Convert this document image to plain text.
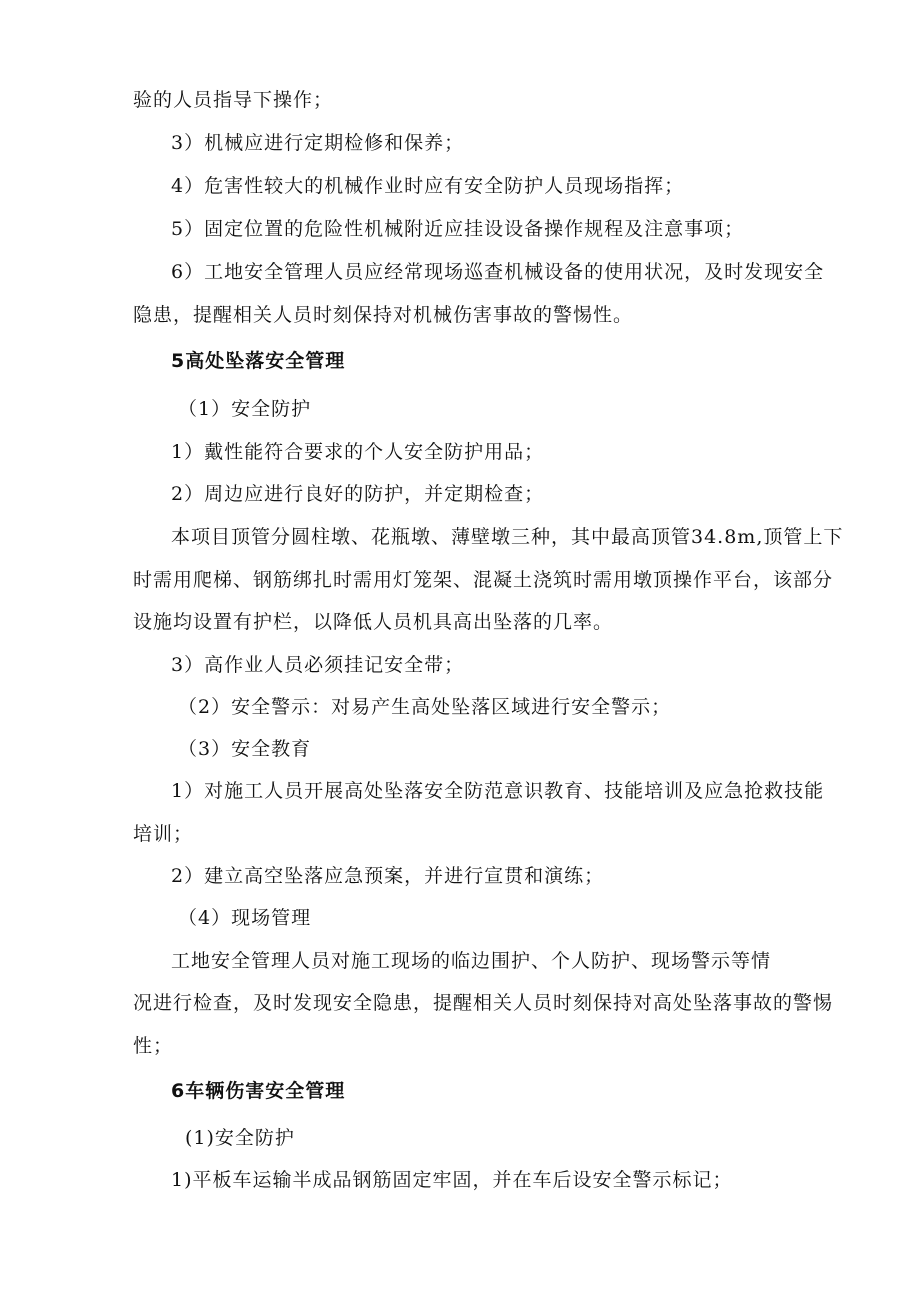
验的人员指导下操作；
3）机械应进行定期检修和保养；
4）危害性较大的机械作业时应有安全防护人员现场指挥；
5）固定位置的危险性机械附近应挂设设备操作规程及注意事项；
6）工地安全管理人员应经常现场巡查机械设备的使用状况，及时发现安全
隐患，提醒相关人员时刻保持对机械伤害事故的警惕性。
5高处坠落安全管理
（1）安全防护
1）戴性能符合要求的个人安全防护用品；
2）周边应进行良好的防护，并定期检查；
本项目顶管分圆柱墩、花瓶墩、薄壁墩三种，其中最高顶管34.8m,顶管上下
时需用爬梯、钢筋绑扎时需用灯笼架、混凝土浇筑时需用墩顶操作平台，该部分
设施均设置有护栏，以降低人员机具高出坠落的几率。
3）高作业人员必须挂记安全带；
（2）安全警示：对易产生高处坠落区域进行安全警示；
（3）安全教育
1）对施工人员开展高处坠落安全防范意识教育、技能培训及应急抢救技能
培训；
2）建立高空坠落应急预案，并进行宣贯和演练；
（4）现场管理
工地安全管理人员对施工现场的临边围护、个人防护、现场警示等情
况进行检查，及时发现安全隐患，提醒相关人员时刻保持对高处坠落事故的警惕
性；
6车辆伤害安全管理
(1)安全防护
1)平板车运输半成品钢筋固定牢固，并在车后设安全警示标记；
